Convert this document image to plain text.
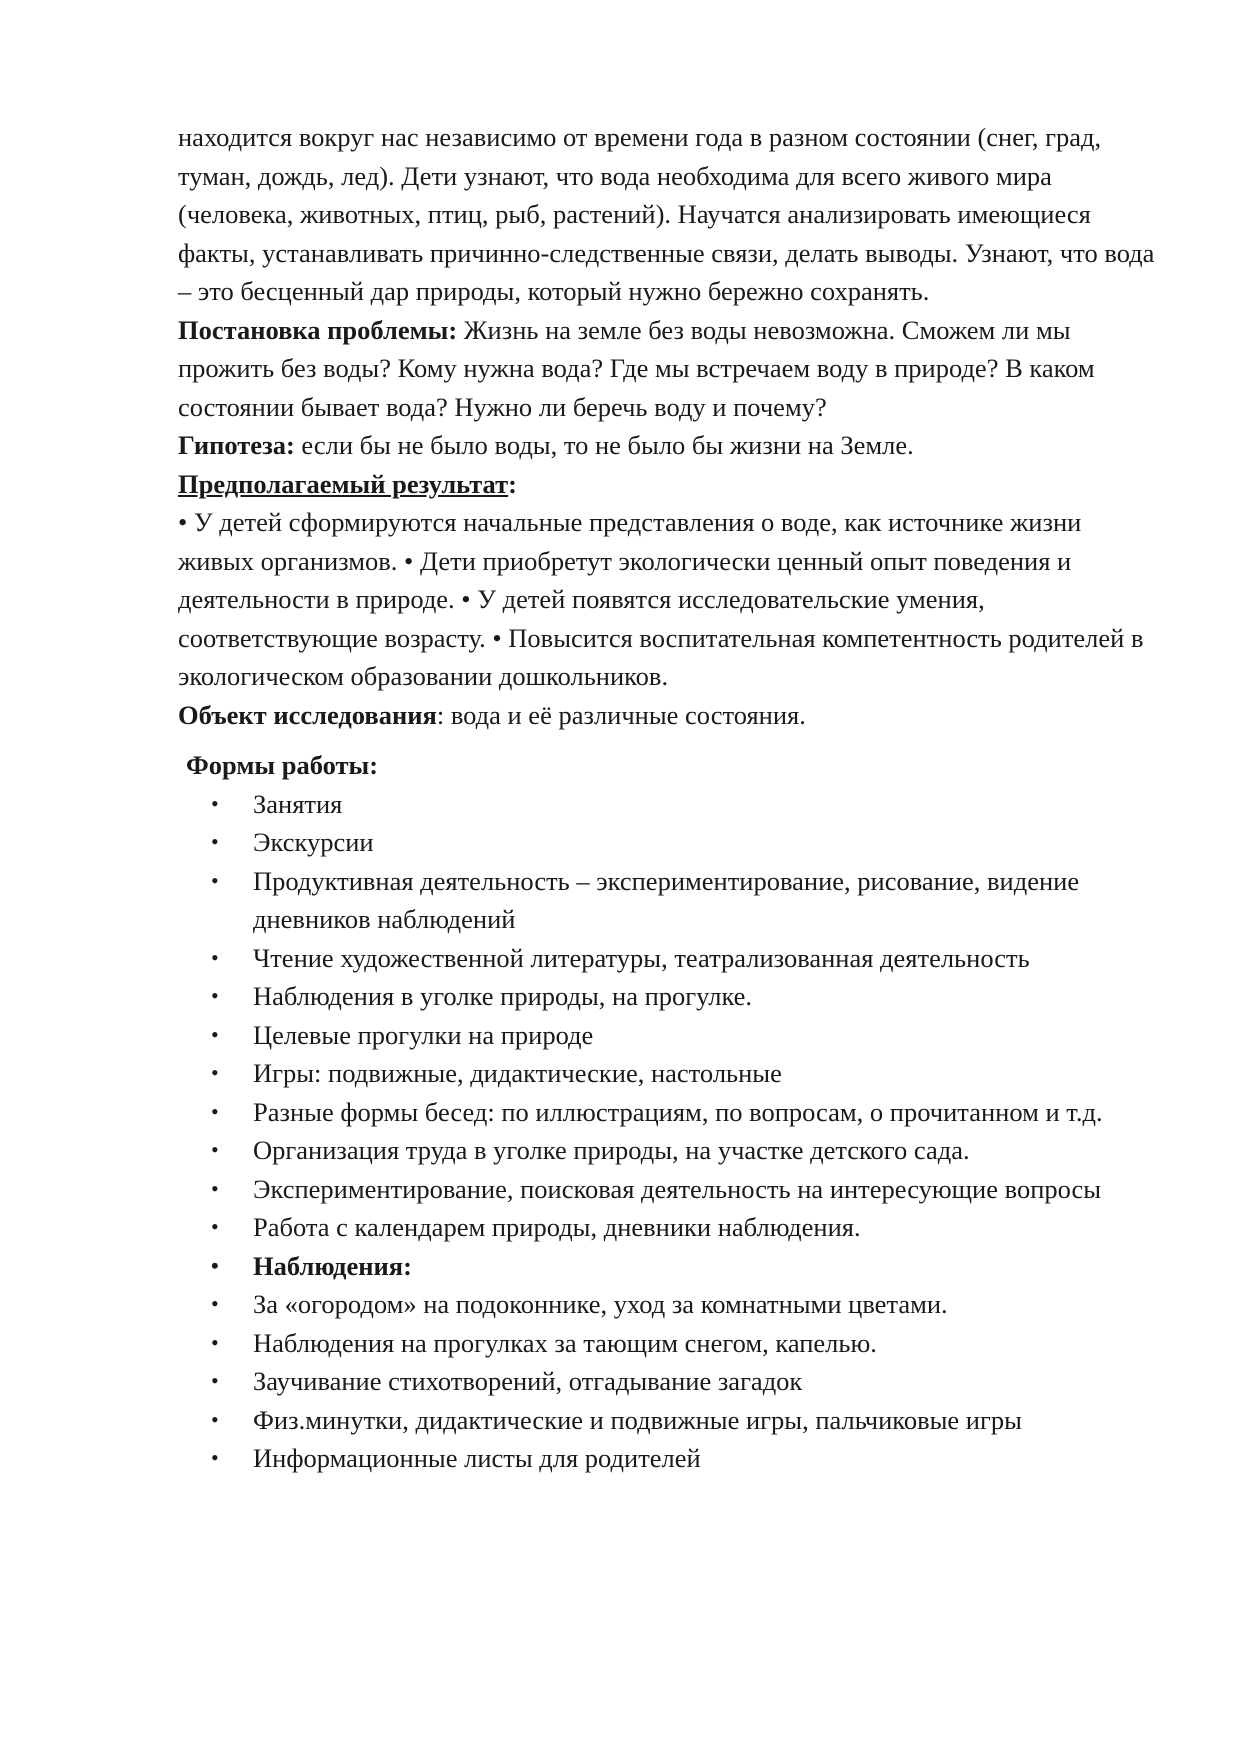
находится вокруг нас независимо от времени года в разном состоянии (снег, град, туман, дождь, лед). Дети узнают, что вода необходима для всего живого мира (человека, животных, птиц, рыб, растений). Научатся анализировать имеющиеся факты, устанавливать причинно-следственные связи, делать выводы. Узнают, что вода – это бесценный дар природы, который нужно бережно сохранять.

Постановка проблемы: Жизнь на земле без воды невозможна. Сможем ли мы прожить без воды? Кому нужна вода? Где мы встречаем воду в природе? В каком состоянии бывает вода? Нужно ли беречь воду и почему?

Гипотеза: если бы не было воды, то не было бы жизни на Земле.

Предполагаемый результат:

• У детей сформируются начальные представления о воде, как источнике жизни живых организмов. • Дети приобретут экологически ценный опыт поведения и деятельности в природе. • У детей появятся исследовательские умения, соответствующие возрасту. • Повысится воспитательная компетентность родителей в экологическом образовании дошкольников.

Объект исследования: вода и её различные состояния.

Формы работы:

• Занятия
• Экскурсии
• Продуктивная деятельность – экспериментирование, рисование, видение дневников наблюдений
• Чтение художественной литературы, театрализованная деятельность
• Наблюдения в уголке природы, на прогулке.
• Целевые прогулки на природе
• Игры: подвижные, дидактические, настольные
• Разные формы бесед: по иллюстрациям, по вопросам, о прочитанном и т.д.
• Организация труда в уголке природы, на участке детского сада.
• Экспериментирование, поисковая деятельность на интересующие вопросы
• Работа с календарем природы, дневники наблюдения.
• Наблюдения:
• За «огородом» на подоконнике, уход за комнатными цветами.
• Наблюдения на прогулках за тающим снегом, капелью.
• Заучивание стихотворений, отгадывание загадок
• Физ.минутки, дидактические и подвижные игры, пальчиковые игры
• Информационные листы для родителей
